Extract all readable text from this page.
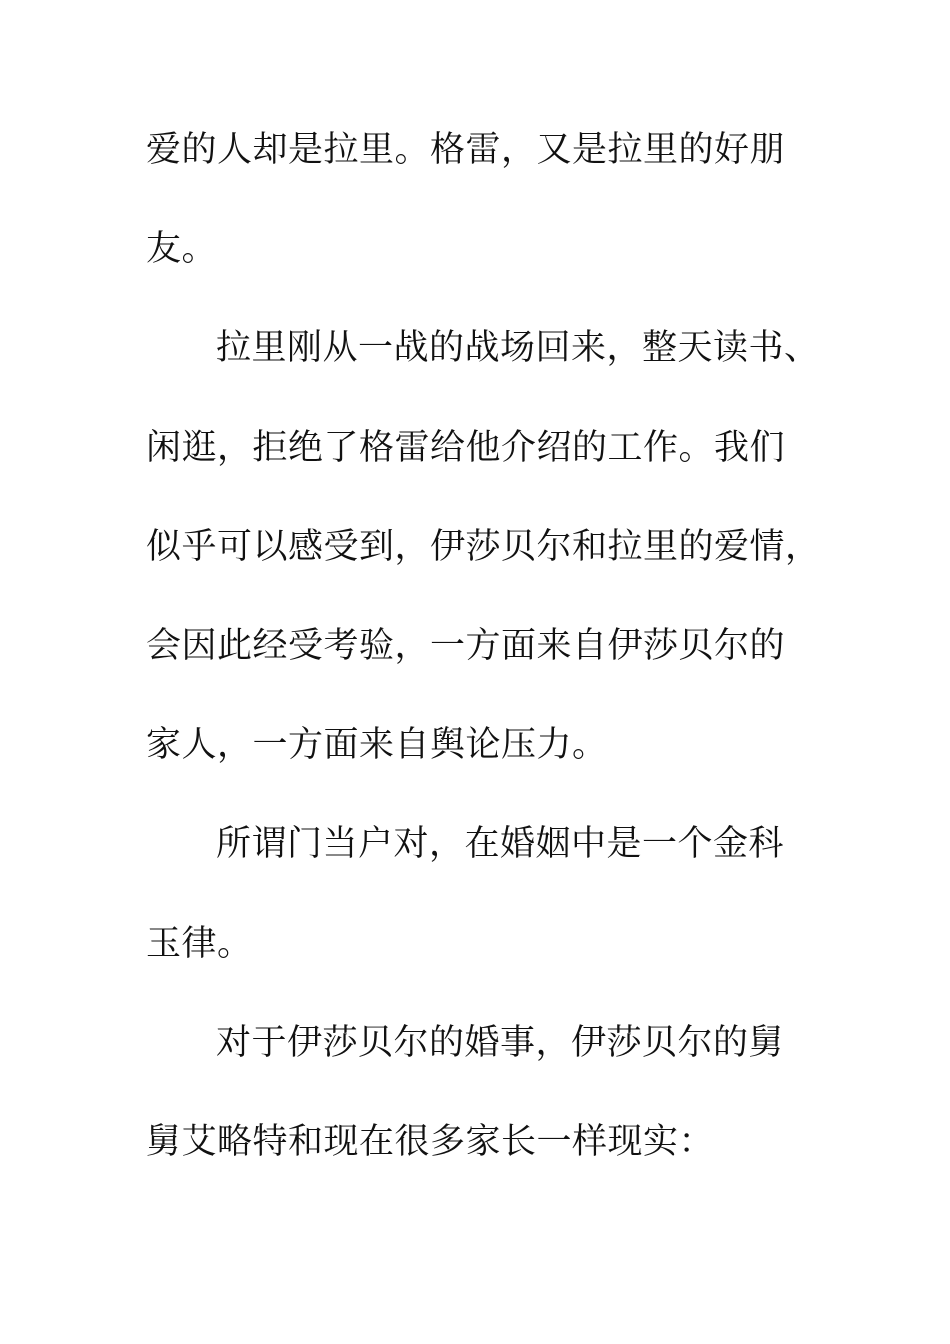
爱的人却是拉里。格雷，又是拉里的好朋
友。
拉里刚从一战的战场回来，整天读书、
闲逛，拒绝了格雷给他介绍的工作。我们
似乎可以感受到，伊莎贝尔和拉里的爱情，
会因此经受考验，一方面来自伊莎贝尔的
家人，一方面来自舆论压力。
所谓门当户对，在婚姻中是一个金科
玉律。
对于伊莎贝尔的婚事，伊莎贝尔的舅
舅艾略特和现在很多家长一样现实：
